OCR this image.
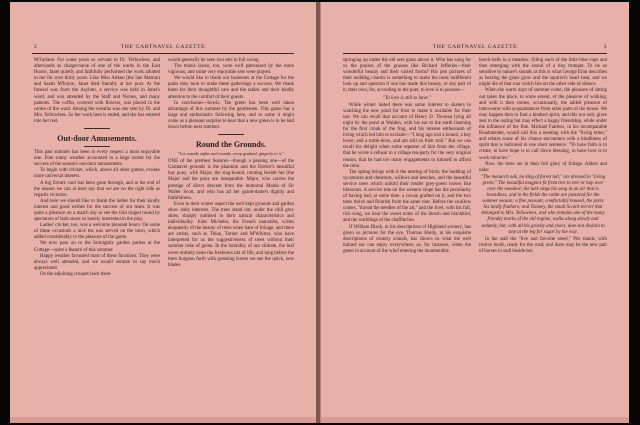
2	THE GARTNAVEL GAZETTE.

M'Farlane. For some years as servant to Dr. Yellowlees, and afterwards as charge-nurse of one of the wards in the East House, Janet quietly and faithfully performed the work allotted to her for over thirty years. Like Miss Aitken (the late Matron) and Sarah M'Intyre, Janet died literally at her post. At the funeral was from the Asylum, a service was held in Janet's ward, and was attended by the Staff and Nurses, and many patients. The coffin, covered with flowers, was placed in the centre of the ward. Among the wreaths was one sent by Dr. and Mrs. Yellowlees. So her work here is ended, and she has entered into her rest.

Out-door Amusements.

This past summer has been in every respect a most enjoyable one. Fine sunny weather accounted to a large extent for the success of the season's out-door amusements.

To begin with cricket, which, above all other games, evokes more universal interest.

A big fixture card has been gone through, and at the end of the season we can at least say that we are on the right side as regards victories.

And here we should like to thank the ladies for their kindly interest and good wishes for the success of our team. It was quite a pleasure on a match day to see the fold ringed round by spectators of both sexes so keenly interested in the play.

Ladies' cricket, too, was a welcome pleasant hours. On some of these occasions a nice tea was served on the lawn, which added considerably to the pleasure of the game.

We now pass on to the fortnightly garden parties at the Cottage—quite a feature of this summer.

Happy weather favoured most of these functions. They were always well attended, and we would venture to say much appreciated.

On the adjoining croquet lawn there

would generally be seen two sets in full swing.

The tennis lawns, too, were well patronised by the more vigorous, and some very enjoyable sets were played.

We would like to thank our hostesses at the Cottage for the pains they took to make these gatherings a success. We thank them for their thoughtful care and the tables and their kindly attention to the comfort of their guests.

In conclusion—bowls. The green has been well taken advantage of this summer by the gentlemen. This game has a large and enthusiastic following here, and to some it might come as a pleasant surprise to hear that a new green is to be laid down before next summer.

Round the Grounds.
"Let outside sights and sounds, creep gradual, gingerly to it."

ONE of the prettiest features—though a passing one—of the Gartnavel grounds is the phantom and the Doctor's beautiful bay pony, with Major, the stag-hound, running beside her (the Major and the pony are inseparable. Major, who carries the prestige of direct descent from the immortal Maida of Sir Walter Scott, and who has all her grand-dame's dignity and faithfulness.

Even in their winter aspect the well kept grounds and garden show daily interests. The trees stand out, under the chill grey skies, sharply outlined in their natural characteristics and individuality. Jules Michelet, the French naturalist, writes eloquently of the beauty of trees when bare of foliage, and there are artists, such as Titian, Turner and M'Whirter, who have interpreted for us the suggestiveness of trees without their summer robe of green. In the humidity of our climate, the leaf never entirely loses the freshness tint of life, and long before the trees burgeon forth with greening leaves we see the quick, new blades

THE GARTNAVEL GAZETTE.	3

springing up under the old sere grass above it. Who has sung for us the praises of the grasses like Richard Jefferies—their wonderful beauty and their varied forms? His pen pictures of their nodding charms is something to make the most indifferent look up and question if one has made this beauty, or any part of it, their own, for, according to the poet, to love is to possess—

"To love is still to have."

While winter lasted there was some interest to skaters in watching the new pond for frost to make it available for their use. We can recall that account of Henry D. Thoreau lying all night by the pond at Walden, with his ear to the earth listening for the first croak of the frog, and his intense enthusiasm of living which led him to exclaim—"I long ago lost a hound, a bay horse, and a turtle-dove, and am still on their trail." But we can recall his delight when some repeater of him from the village, that he wrote a refusal to a village tea-party for the very original reason, that he had too many engagements to himself to afford the time.

The spring brings with it the nesting of birds; the budding of sycamores and chestnuts, willows and beeches, and the beautiful service trees which unfold their tender grey-green leaves like blossoms. A service tree on the western slope has the peculiarity of having had, at some time, a rowan grafted on it, and the two trees thrive and flourish from the same root. Before the swallow comes, "thread the needles of the air," and the fowl, with his full, rich song, we hear the sweet notes of the thrush and blackbird, and the warblings of the chaffinches.

If William Black, in his descriptions of Highland scenery, has given us pictures for the eye, Thomas Hardy, in his exquisite descriptions of country sounds, has shown us what the well trained ear can enjoy everywhere, as, for instance, when the green in account of the wind entering the innumerable

beech-bells in a meadow, filling each of the little blue cups and then emerging with the sound of a tiny trumpet. To be so sensitive to nature's sounds as this is what George Eliot describes as hearing the grass grow and the squirrel's heart beat, and we might die of that roar which lies on the other side of silence.

When the warm days of summer come, the pleasure of sitting out takes the place, to some extent, of the pleasure of walking, and with it then comes, occasionally, the added pleasure of intercourse with acquaintances from other parts of the house. We may happen then to find a kindred spirit, and this not only gives zest to the outing but may effect a happy friendship, while under the influence of the fine. Michael Fairless, in his incomparable Roadmender, would call this a meeting with the "living letter," and relates some of his chance encounters with a kindliness of spirit that is indicated in one short sentence: "To have faith is to create, to have hope is to call down blessing, to have love is to work miracles."

Now, the trees are in their full glory of foliage. Alders and oaks:

"The monarch oak, no king of forest tall," are dressed in "living green." The beautiful magpies fit from tree to tree or hop over over the meadow; the lark sings his song in an air that is boundless; and in the fields the cattle are pastured for the summer season: a fine peasant, comfortably housed, the ports his lordly feathers; and Toomey, the small Scotch terrier that belonged to Mrs. Yellowlees, and who remains one of the many friendly marks of the old regime, walks along slowly and sedately, but, with all his gravity and years, does not disdain to step at the leg for sugar by the way.

In the stall the "live and favorite steed," Pitt stands, with restive hoofs, ready for the road; and there may be the new pair of horses in stall beside her.
